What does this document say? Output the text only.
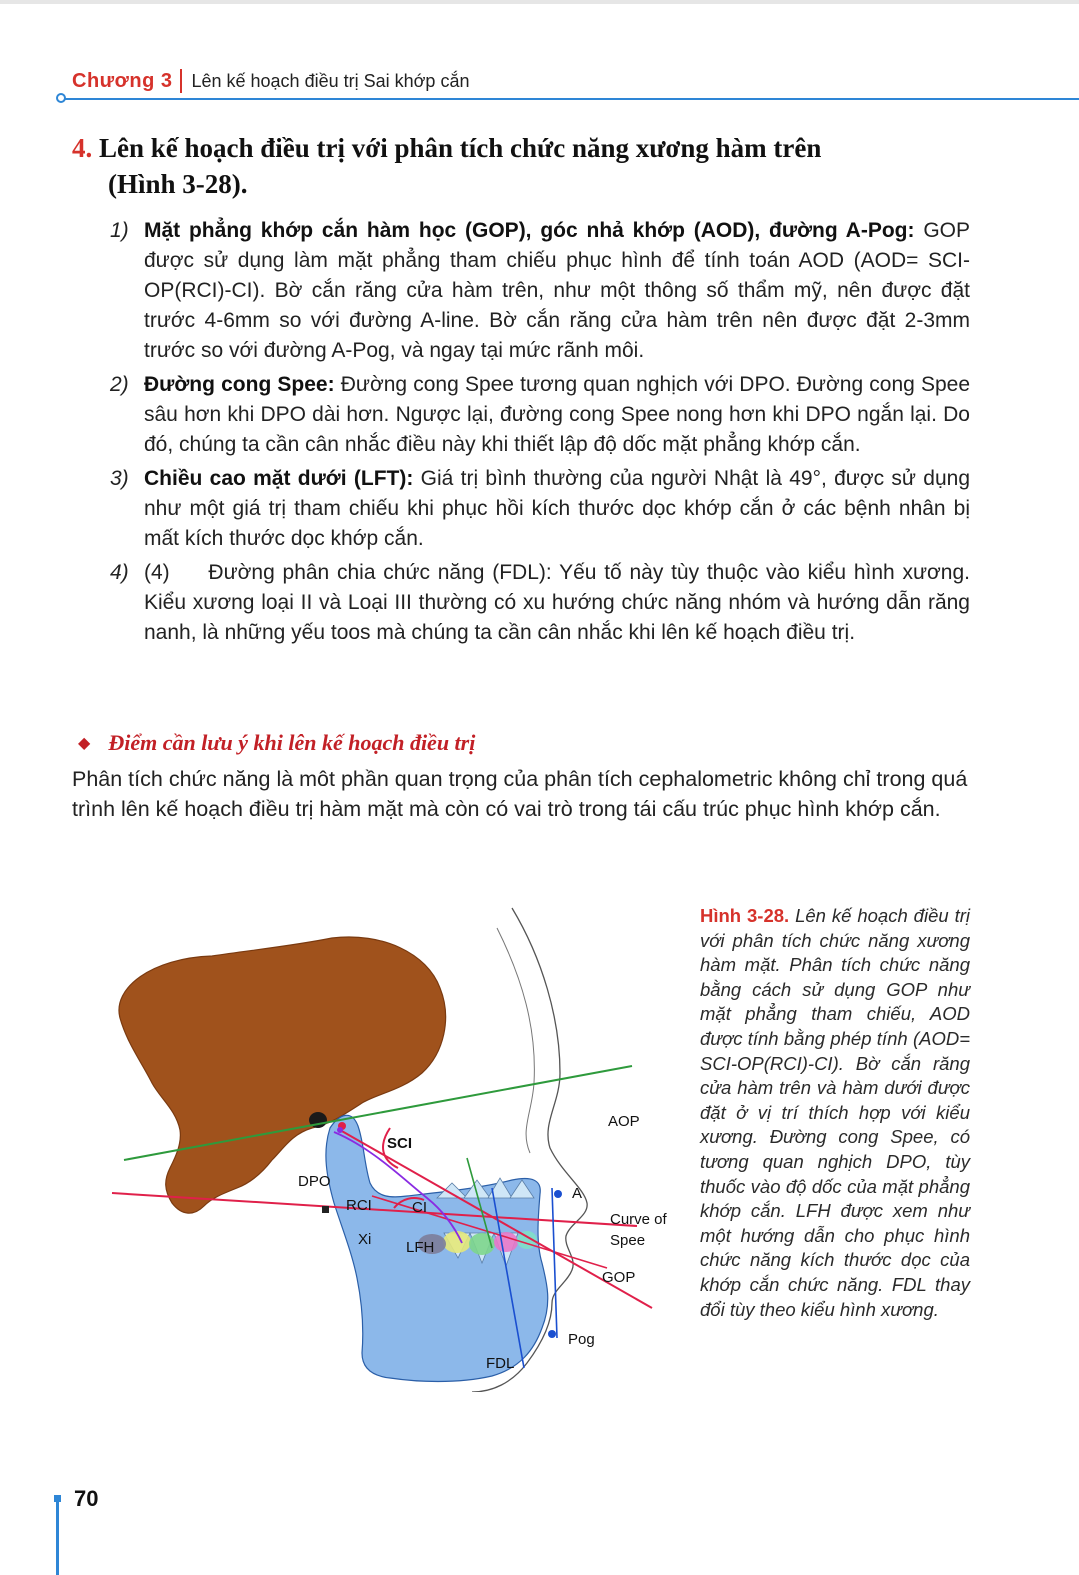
Chương 3 Lên kế hoạch điều trị Sai khớp cắn
4. Lên kế hoạch điều trị với phân tích chức năng xương hàm trên
(Hình 3-28).
1) Mặt phẳng khớp cắn hàm học (GOP), góc nhả khớp (AOD), đường A-Pog: GOP được sử dụng làm mặt phẳng tham chiếu phục hình để tính toán AOD (AOD= SCI-OP(RCI)-CI). Bờ cắn răng cửa hàm trên, như một thông số thẩm mỹ, nên được đặt trước 4-6mm so với đường A-line. Bờ cắn răng cửa hàm trên nên được đặt 2-3mm trước so với đường A-Pog, và ngay tại mức rãnh môi.
2) Đường cong Spee: Đường cong Spee tương quan nghịch với DPO. Đường cong Spee sâu hơn khi DPO dài hơn. Ngược lại, đường cong Spee nong hơn khi DPO ngắn lại. Do đó, chúng ta cần cân nhắc điều này khi thiết lập độ dốc mặt phẳng khớp cắn.
3) Chiều cao mặt dưới (LFT): Giá trị bình thường của người Nhật là 49°, được sử dụng như một giá trị tham chiếu khi phục hồi kích thước dọc khớp cắn ở các bệnh nhân bị mất kích thước dọc khớp cắn.
4) (4)     Đường phân chia chức năng (FDL): Yếu tố này tùy thuộc vào kiểu hình xương. Kiểu xương loại II và Loại III thường có xu hướng chức năng nhóm và hướng dẫn răng nanh, là những yếu toos mà chúng ta cần cân nhắc khi lên kế hoạch điều trị.
◆ Điểm cần lưu ý khi lên kế hoạch điều trị
Phân tích chức năng là môt phần quan trọng của phân tích cephalometric không chỉ trong quá trình lên kế hoạch điều trị hàm mặt mà còn có vai trò trong tái cấu trúc phục hình khớp cắn.
AOP
SCI
DPO
RCI	CI
Xi LFH
A
Curve of
Spee
GOP
Pog
FDL
Hình 3-28. Lên kế hoạch điều trị với phân tích chức năng xương hàm mặt. Phân tích chức năng bằng cách sử dụng GOP như mặt phẳng tham chiếu, AOD được tính bằng phép tính (AOD= SCI-OP(RCI)-CI). Bờ cắn răng cửa hàm trên và hàm dưới được đặt ở vị trí thích hợp với kiểu xương. Đường cong Spee, có tương quan nghịch DPO, tùy thuốc vào độ dốc của mặt phẳng khớp cắn. LFH được xem như một hướng dẫn cho phục hình chức năng kích thước dọc của khớp cắn chức năng. FDL thay đổi tùy theo kiểu hình xương.
70
